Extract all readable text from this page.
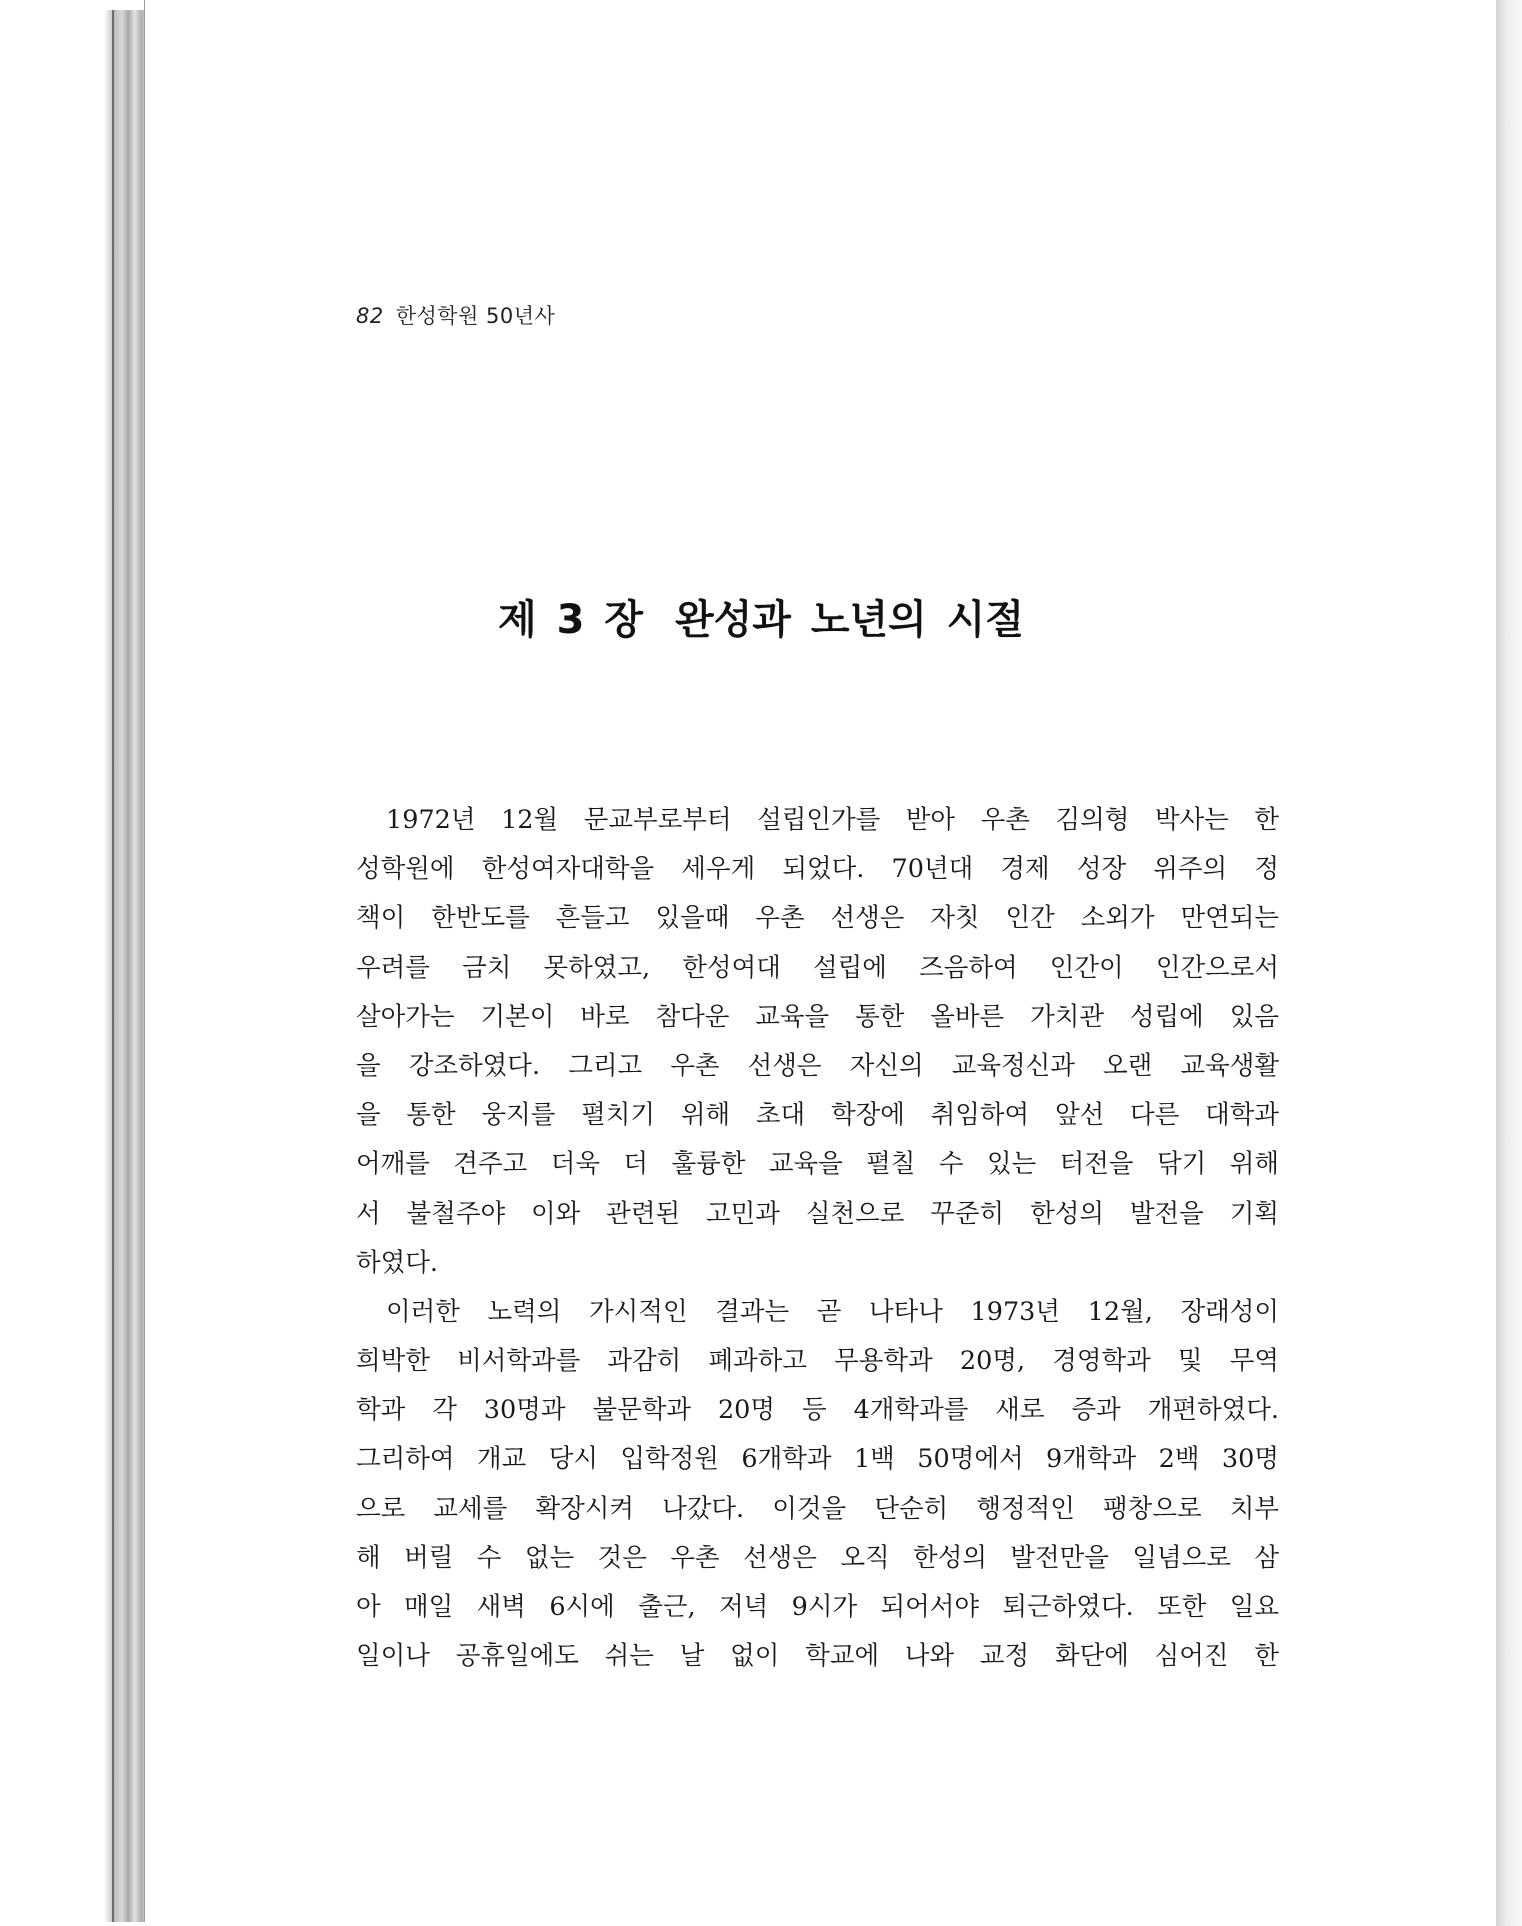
82 한성학원 50년사
제 3 장 완성과 노년의 시절
1972년 12월 문교부로부터 설립인가를 받아 우촌 김의형 박사는 한
성학원에 한성여자대학을 세우게 되었다. 70년대 경제 성장 위주의 정
책이 한반도를 흔들고 있을때 우촌 선생은 자칫 인간 소외가 만연되는
우려를 금치 못하였고, 한성여대 설립에 즈음하여 인간이 인간으로서
살아가는 기본이 바로 참다운 교육을 통한 올바른 가치관 성립에 있음
을 강조하였다. 그리고 우촌 선생은 자신의 교육정신과 오랜 교육생활
을 통한 웅지를 펼치기 위해 초대 학장에 취임하여 앞선 다른 대학과
어깨를 견주고 더욱 더 훌륭한 교육을 펼칠 수 있는 터전을 닦기 위해
서 불철주야 이와 관련된 고민과 실천으로 꾸준히 한성의 발전을 기획
하였다.
이러한 노력의 가시적인 결과는 곧 나타나 1973년 12월, 장래성이
희박한 비서학과를 과감히 폐과하고 무용학과 20명, 경영학과 및 무역
학과 각 30명과 불문학과 20명 등 4개학과를 새로 증과 개편하였다.
그리하여 개교 당시 입학정원 6개학과 1백 50명에서 9개학과 2백 30명
으로 교세를 확장시켜 나갔다. 이것을 단순히 행정적인 팽창으로 치부
해 버릴 수 없는 것은 우촌 선생은 오직 한성의 발전만을 일념으로 삼
아 매일 새벽 6시에 출근, 저녁 9시가 되어서야 퇴근하였다. 또한 일요
일이나 공휴일에도 쉬는 날 없이 학교에 나와 교정 화단에 심어진 한
